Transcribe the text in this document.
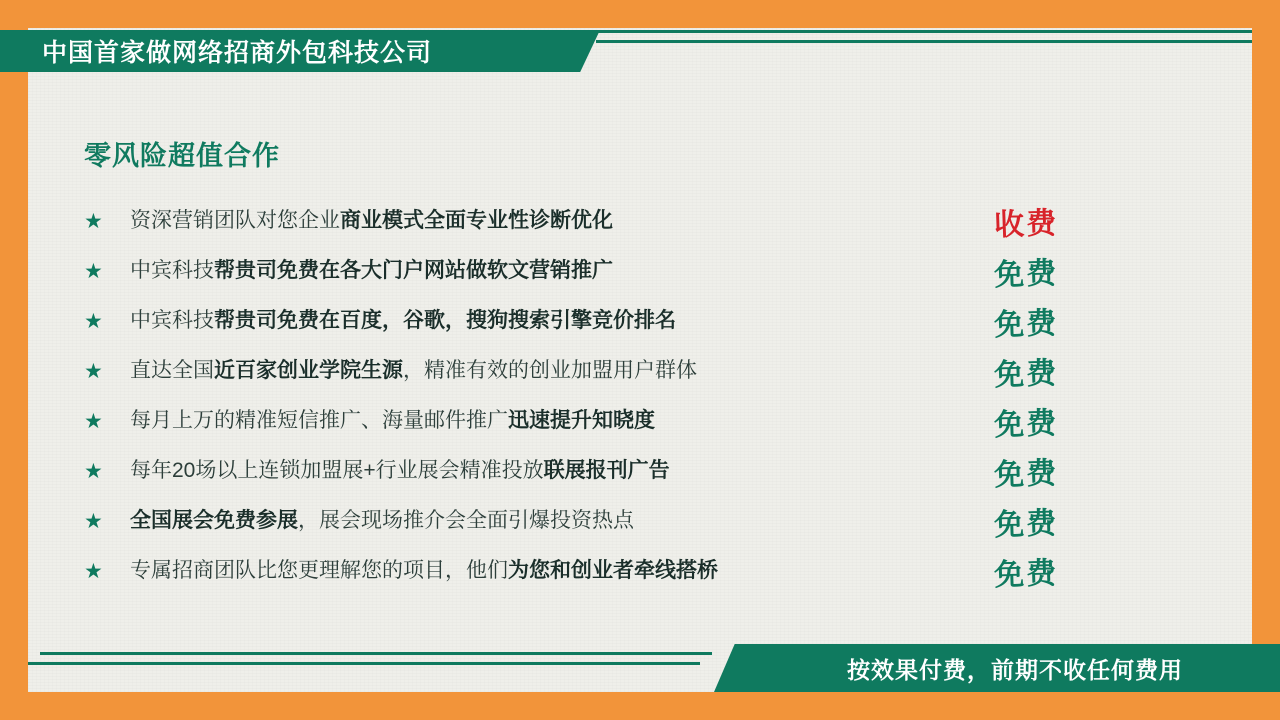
中国首家做网络招商外包科技公司
零风险超值合作
★	资深营销团队对您企业商业模式全面专业性诊断优化	收费
★	中宾科技帮贵司免费在各大门户网站做软文营销推广	免费
★	中宾科技帮贵司免费在百度，谷歌，搜狗搜索引擎竞价排名	免费
★	直达全国近百家创业学院生源，精准有效的创业加盟用户群体	免费
★	每月上万的精准短信推广、海量邮件推广迅速提升知晓度	免费
★	每年20场以上连锁加盟展+行业展会精准投放联展报刊广告	免费
★	全国展会免费参展，展会现场推介会全面引爆投资热点	免费
★	专属招商团队比您更理解您的项目，他们为您和创业者牵线搭桥	免费
按效果付费，前期不收任何费用
